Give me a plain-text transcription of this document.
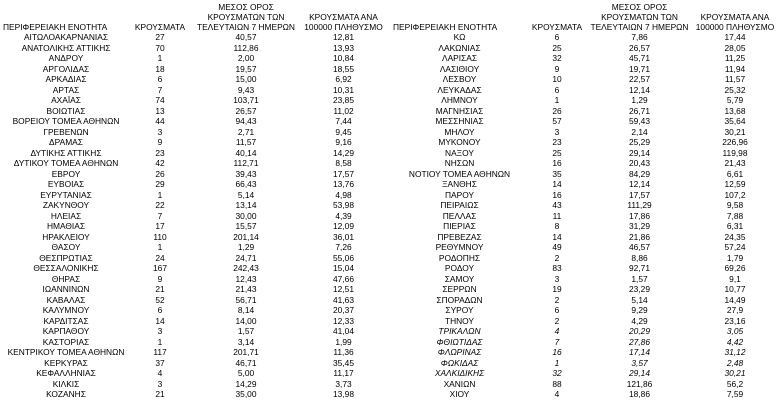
ΠΕΡΙΦΕΡΕΙΑΚΗ ΕΝΟΤΗΤΑ	ΚΡΟΥΣΜΑΤΑ	ΜΕΣΟΣ ΟΡΟΣ ΚΡΟΥΣΜΑΤΩΝ ΤΩΝ ΤΕΛΕΥΤΑΙΩΝ 7 ΗΜΕΡΩΝ	ΚΡΟΥΣΜΑΤΑ ΑΝΑ 100000 ΠΛΗΘΥΣΜΟ
ΑΙΤΩΛΟΑΚΑΡΝΑΝΙΑΣ	27	40,57	12,81
ΑΝΑΤΟΛΙΚΗΣ ΑΤΤΙΚΗΣ	70	112,86	13,93
ΑΝΔΡΟΥ	1	2,00	10,84
ΑΡΓΟΛΙΔΑΣ	18	19,57	18,55
ΑΡΚΑΔΙΑΣ	6	15,00	6,92
ΑΡΤΑΣ	7	9,43	10,31
ΑΧΑΪΑΣ	74	103,71	23,85
ΒΟΙΩΤΙΑΣ	13	26,57	11,02
ΒΟΡΕΙΟΥ ΤΟΜΕΑ ΑΘΗΝΩΝ	44	94,43	7,44
ΓΡΕΒΕΝΩΝ	3	2,71	9,45
ΔΡΑΜΑΣ	9	11,57	9,16
ΔΥΤΙΚΗΣ ΑΤΤΙΚΗΣ	23	40,14	14,29
ΔΥΤΙΚΟΥ ΤΟΜΕΑ ΑΘΗΝΩΝ	42	112,71	8,58
ΕΒΡΟΥ	26	39,43	17,57
ΕΥΒΟΙΑΣ	29	66,43	13,76
ΕΥΡΥΤΑΝΙΑΣ	1	5,14	4,98
ΖΑΚΥΝΘΟΥ	22	13,14	53,98
ΗΛΕΙΑΣ	7	30,00	4,39
ΗΜΑΘΙΑΣ	17	15,57	12,09
ΗΡΑΚΛΕΙΟΥ	110	201,14	36,01
ΘΑΣΟΥ	1	1,29	7,26
ΘΕΣΠΡΩΤΙΑΣ	24	24,71	55,06
ΘΕΣΣΑΛΟΝΙΚΗΣ	167	242,43	15,04
ΘΗΡΑΣ	9	12,43	47,66
ΙΩΑΝΝΙΝΩΝ	21	21,43	12,51
ΚΑΒΑΛΑΣ	52	56,71	41,63
ΚΑΛΥΜΝΟΥ	6	8,14	20,37
ΚΑΡΔΙΤΣΑΣ	14	14,00	12,33
ΚΑΡΠΑΘΟΥ	3	1,57	41,04
ΚΑΣΤΟΡΙΑΣ	1	3,14	1,99
ΚΕΝΤΡΙΚΟΥ ΤΟΜΕΑ ΑΘΗΝΩΝ	117	201,71	11,36
ΚΕΡΚΥΡΑΣ	37	46,71	35,45
ΚΕΦΑΛΛΗΝΙΑΣ	4	5,00	11,17
ΚΙΛΚΙΣ	3	14,29	3,73
ΚΟΖΑΝΗΣ	21	35,00	13,98
ΠΕΡΙΦΕΡΕΙΑΚΗ ΕΝΟΤΗΤΑ	ΚΡΟΥΣΜΑΤΑ	ΜΕΣΟΣ ΟΡΟΣ ΚΡΟΥΣΜΑΤΩΝ ΤΩΝ ΤΕΛΕΥΤΑΙΩΝ 7 ΗΜΕΡΩΝ	ΚΡΟΥΣΜΑΤΑ ΑΝΑ 100000 ΠΛΗΘΥΣΜΟ
ΚΩ	6	7,86	17,44
ΛΑΚΩΝΙΑΣ	25	26,57	28,05
ΛΑΡΙΣΑΣ	32	45,71	11,25
ΛΑΣΙΘΙΟΥ	9	19,71	11,94
ΛΕΣΒΟΥ	10	22,57	11,57
ΛΕΥΚΑΔΑΣ	6	12,14	25,32
ΛΗΜΝΟΥ	1	1,29	5,79
ΜΑΓΝΗΣΙΑΣ	26	26,71	13,68
ΜΕΣΣΗΝΙΑΣ	57	59,43	35,64
ΜΗΛΟΥ	3	2,14	30,21
ΜΥΚΟΝΟΥ	23	25,29	226,96
ΝΑΞΟΥ	25	29,14	119,98
ΝΗΣΩΝ	16	20,43	21,43
ΝΟΤΙΟΥ ΤΟΜΕΑ ΑΘΗΝΩΝ	35	84,29	6,61
ΞΑΝΘΗΣ	14	12,14	12,59
ΠΑΡΟΥ	16	17,57	107,2
ΠΕΙΡΑΙΩΣ	43	111,29	9,58
ΠΕΛΛΑΣ	11	17,86	7,88
ΠΙΕΡΙΑΣ	8	31,29	6,31
ΠΡΕΒΕΖΑΣ	14	21,86	24,35
ΡΕΘΥΜΝΟΥ	49	46,57	57,24
ΡΟΔΟΠΗΣ	2	8,86	1,79
ΡΟΔΟΥ	83	92,71	69,26
ΣΑΜΟΥ	3	1,57	9,1
ΣΕΡΡΩΝ	19	23,29	10,77
ΣΠΟΡΑΔΩΝ	2	5,14	14,49
ΣΥΡΟΥ	6	9,29	27,9
ΤΗΝΟΥ	2	4,29	23,16
ΤΡΙΚΑΛΩΝ	4	20,29	3,05
ΦΘΙΩΤΙΔΑΣ	7	27,86	4,42
ΦΛΩΡΙΝΑΣ	16	17,14	31,12
ΦΩΚΙΔΑΣ	1	3,57	2,48
ΧΑΛΚΙΔΙΚΗΣ	32	29,14	30,21
ΧΑΝΙΩΝ	88	121,86	56,2
ΧΙΟΥ	4	18,86	7,59
